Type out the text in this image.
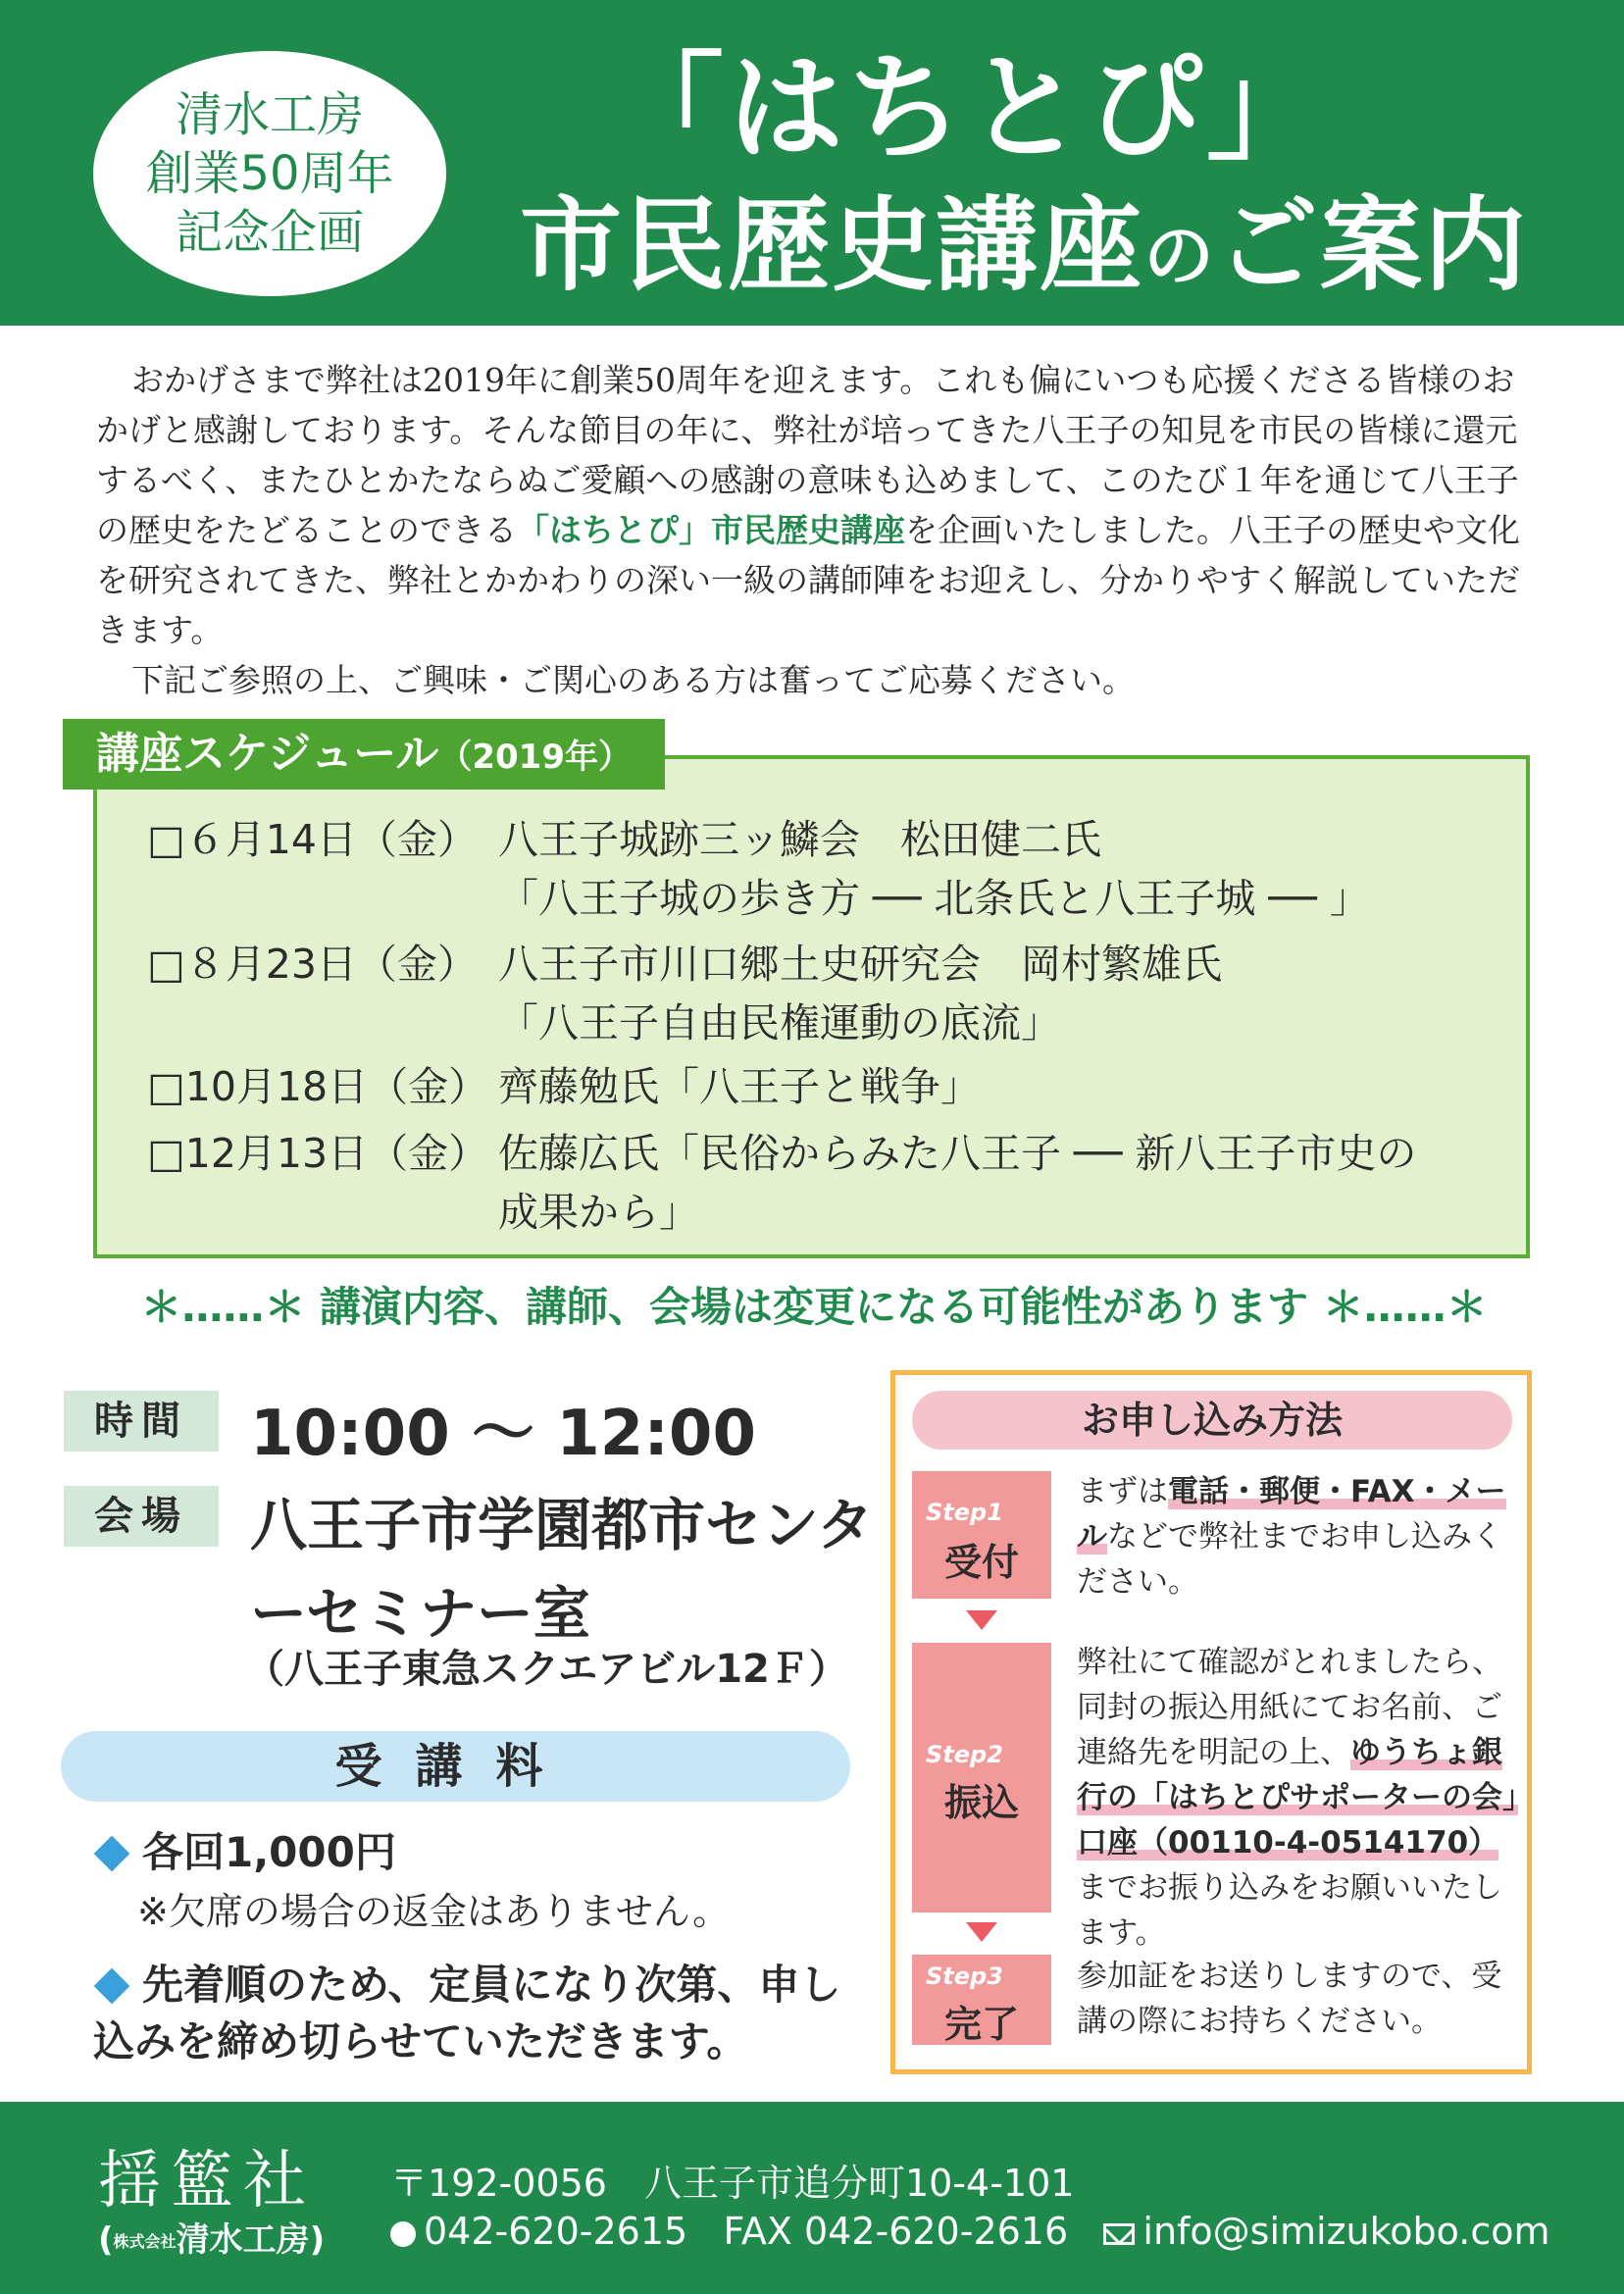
清水工房
創業50周年
記念企画
「はちとぴ」
市民歴史講座のご案内

おかげさまで弊社は2019年に創業50周年を迎えます。これも偏にいつも応援くださる皆様のおかげと感謝しております。そんな節目の年に、弊社が培ってきた八王子の知見を市民の皆様に還元するべく、またひとかたならぬご愛顧への感謝の意味も込めまして、このたび１年を通じて八王子の歴史をたどることのできる「はちとぴ」市民歴史講座を企画いたしました。八王子の歴史や文化を研究されてきた、弊社とかかわりの深い一級の講師陣をお迎えし、分かりやすく解説していただきます。

下記ご参照の上、ご興味・ご関心のある方は奮ってご応募ください。

講座スケジュール（2019年）
□６月14日（金） 八王子城跡三ッ鱗会　松田健二氏
「八王子城の歩き方 ── 北条氏と八王子城 ── 」
□８月23日（金） 八王子市川口郷土史研究会　岡村繁雄氏
「八王子自由民権運動の底流」
□10月18日（金） 齊藤勉氏「八王子と戦争」
□12月13日（金） 佐藤広氏「民俗からみた八王子 ── 新八王子市史の
成果から」
＊……＊ 講演内容、講師、会場は変更になる可能性があります ＊……＊
時間 10:00 ～ 12:00
会場	八王子市学園都市センターセミナー室
（八王子東急スクエアビル12Ｆ）
受講料
各回1,000円
※欠席の場合の返金はありません。
先着順のため、定員になり次第、申し込みを締め切らせていただきます。
お申し込み方法
Step1
受付
まずは電話・郵便・FAX・メールなどで弊社までお申し込みください。
Step2
振込
弊社にて確認がとれましたら、同封の振込用紙にてお名前、ご連絡先を明記の上、ゆうちょ銀行の「はちとぴサポーターの会」口座（00110-4-0514170）までお振り込みをお願いいたします。
Step3
完了
参加証をお送りしますので、受講の際にお持ちください。
揺籃社
(株式会社清水工房)
〒192-0056　八王子市追分町10-4-101
042-620-2615 FAX 042-620-2616 info@simizukobo.com
